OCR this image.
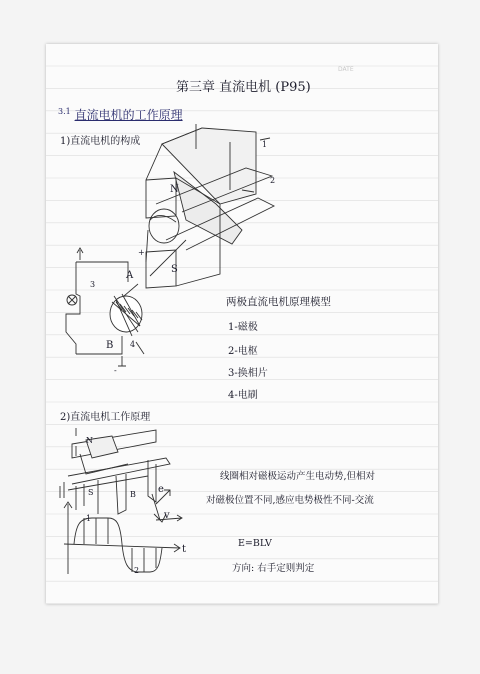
DATE
第三章 直流电机 (P95)
$^{3.1}$ 直流电机的工作原理
1)直流电机的构成
N
S
A
B
1
2
3
4
+
-
两极直流电机原理模型
1-磁极
2-电枢
3-换相片
4-电刷
2)直流电机工作原理
N
S	B e
v
1
2
t
线圈相对磁极运动产生电动势,但相对
对磁极位置不同,感应电势极性不同-交流
E=BLV
方向: 右手定则判定
